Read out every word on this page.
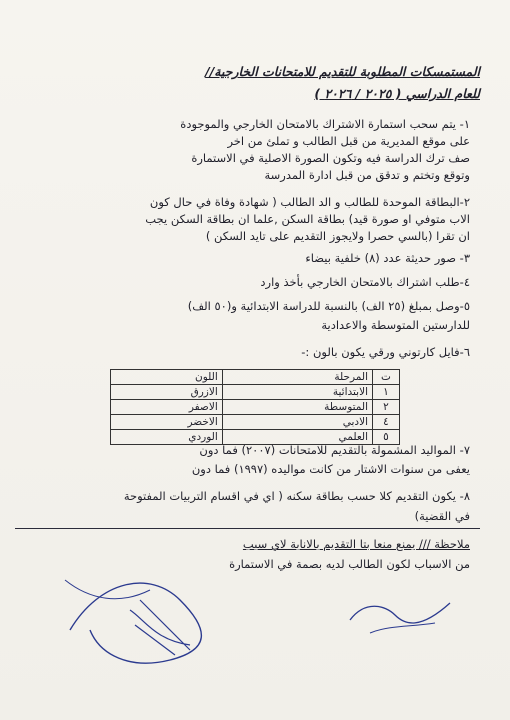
المستمسكات المطلوبة للتقديم للامتحانات الخارجية//
للعام الدراسي ( ٢٠٢٥ / ٢٠٢٦ )
١- يتم سحب استمارة الاشتراك بالامتحان الخارجي والموجودة
على موقع المديرية من قبل الطالب و تملئ من اخر
صف ترك الدراسة فيه وتكون الصورة الاصلية في الاستمارة
وتوقع وتختم و تدقق من قبل ادارة المدرسة
٢-البطاقة الموحدة للطالب و الد الطالب ( شهادة وفاة في حال كون
الاب متوفي او صورة قيد) بطاقة السكن ,علما ان بطاقة السكن يجب
ان تقرا (بالسي حصرا ولايجوز التقديم على تايد السكن )
٣- صور حديثة عدد (٨) خلفية بيضاء
٤-طلب اشتراك بالامتحان الخارجي بأخذ وارد
٥-وصل بمبلغ (٢٥ الف) بالنسبة للدراسة الابتدائية و(٥٠ الف)
للدارستين المتوسطة والاعدادية
٦-فايل كارتوني ورقي يكون بالون :-
ت	المرحلة	اللون
١	الابتدائية	الازرق
٢	المتوسطة	الاصفر
٤	الادبي	الاخضر
٥	العلمي	الوردي
٧- المواليد المشمولة بالتقديم للامتحانات (٢٠٠٧) فما دون
يعفى من سنوات الاشتار من كانت مواليده (١٩٩٧) فما دون
٨- يكون التقديم كلا حسب بطاقة سكنه ( اي في اقسام التربيات المفتوحة
في القضية)
ملاحظة /// يمنع منعا بتا التقديم بالانابة لاي سبب
من الاسباب لكون الطالب لديه بصمة في الاستمارة
